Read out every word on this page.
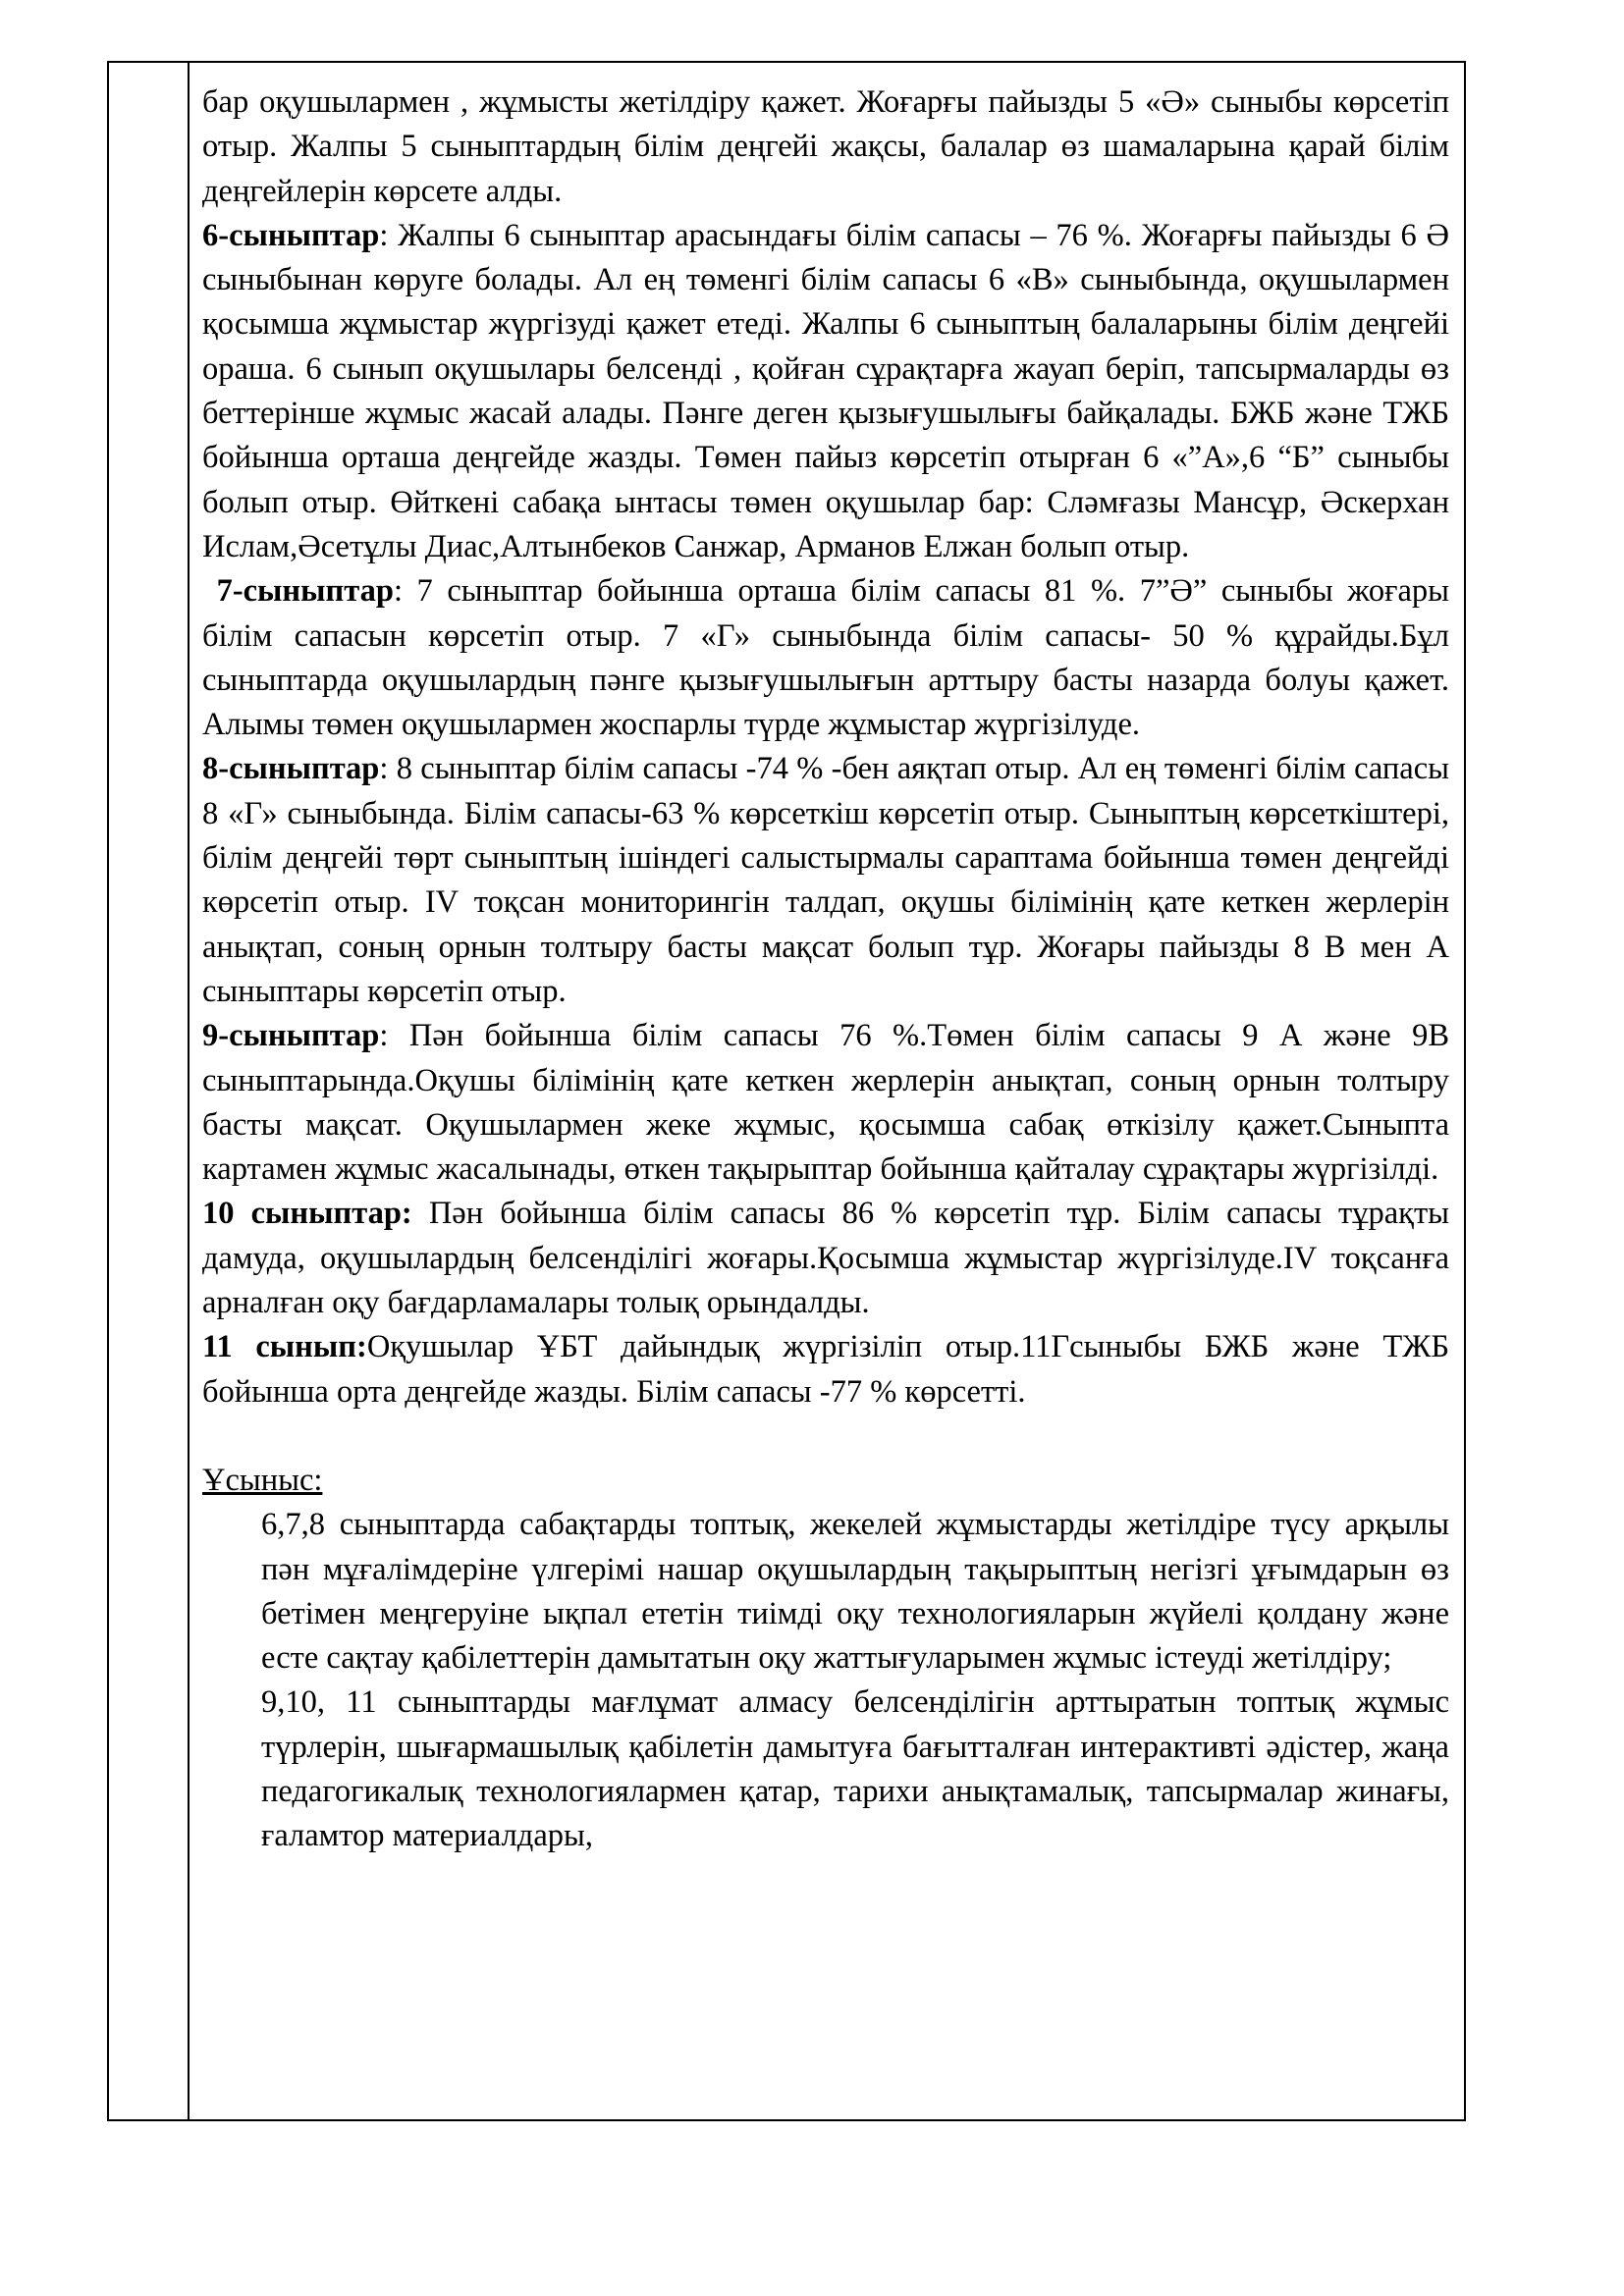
бар оқушылармен , жұмысты жетілдіру қажет. Жоғарғы пайызды 5 «Ә» сыныбы көрсетіп отыр. Жалпы 5 сыныптардың білім деңгейі жақсы, балалар өз шамаларына қарай білім деңгейлерін көрсете алды.

6-сыныптар: Жалпы 6 сыныптар арасындағы білім сапасы – 76 %. Жоғарғы пайызды 6 Ә сыныбынан көруге болады. Ал ең төменгі білім сапасы 6 «В» сыныбында, оқушылармен қосымша жұмыстар жүргізуді қажет етеді. Жалпы 6 сыныптың балаларыны білім деңгейі ораша. 6 сынып оқушылары белсенді , қойған сұрақтарға жауап беріп, тапсырмаларды өз беттерінше жұмыс жасай алады. Пәнге деген қызығушылығы байқалады. БЖБ және ТЖБ бойынша орташа деңгейде жазды. Төмен пайыз көрсетіп отырған 6 «”А»,6 “Б” сыныбы болып отыр. Өйткені сабақа ынтасы төмен оқушылар бар: Сләмғазы Мансұр, Әскерхан Ислам,Әсетұлы Диас,Алтынбеков Санжар, Арманов Елжан болып отыр.

7-сыныптар: 7 сыныптар бойынша орташа білім сапасы 81 %. 7”Ә” сыныбы жоғары білім сапасын көрсетіп отыр. 7 «Г» сыныбында білім сапасы- 50 % құрайды.Бұл сыныптарда оқушылардың пәнге қызығушылығын арттыру басты назарда болуы қажет. Алымы төмен оқушылармен жоспарлы түрде жұмыстар жүргізілуде.

8-сыныптар: 8 сыныптар білім сапасы -74 % -бен аяқтап отыр. Ал ең төменгі білім сапасы 8 «Г» сыныбында. Білім сапасы-63 % көрсеткіш көрсетіп отыр. Сыныптың көрсеткіштері, білім деңгейі төрт сыныптың ішіндегі салыстырмалы сараптама бойынша төмен деңгейді көрсетіп отыр. IV тоқсан мониторингін талдап, оқушы білімінің қате кеткен жерлерін анықтап, соның орнын толтыру басты мақсат болып тұр. Жоғары пайызды 8 В мен А сыныптары көрсетіп отыр.

9-сыныптар: Пән бойынша білім сапасы 76 %.Төмен білім сапасы 9 А және 9В сыныптарында.Оқушы білімінің қате кеткен жерлерін анықтап, соның орнын толтыру басты мақсат. Оқушылармен жеке жұмыс, қосымша сабақ өткізілу қажет.Сыныпта картамен жұмыс жасалынады, өткен тақырыптар бойынша қайталау сұрақтары жүргізілді.

10 сыныптар: Пән бойынша білім сапасы 86 % көрсетіп тұр. Білім сапасы тұрақты дамуда, оқушылардың белсенділігі жоғары.Қосымша жұмыстар жүргізілуде.IV тоқсанға арналған оқу бағдарламалары толық орындалды.

11 сынып:Оқушылар ҰБТ дайындық жүргізіліп отыр.11Гсыныбы БЖБ және ТЖБ бойынша орта деңгейде жазды. Білім сапасы -77 % көрсетті.

Ұсыныс:

6,7,8 сыныптарда сабақтарды топтық, жекелей жұмыстарды жетілдіре түсу арқылы пән мұғалімдеріне үлгерімі нашар оқушылардың тақырыптың негізгі ұғымдарын өз бетімен меңгеруіне ықпал ететін тиімді оқу технологияларын жүйелі қолдану және есте сақтау қабілеттерін дамытатын оқу жаттығуларымен жұмыс істеуді жетілдіру;

9,10, 11 сыныптарды мағлұмат алмасу белсенділігін арттыратын топтық жұмыс түрлерін, шығармашылық қабілетін дамытуға бағытталған интерактивті әдістер, жаңа педагогикалық технологиялармен қатар, тарихи анықтамалық, тапсырмалар жинағы, ғаламтор материалдары,
